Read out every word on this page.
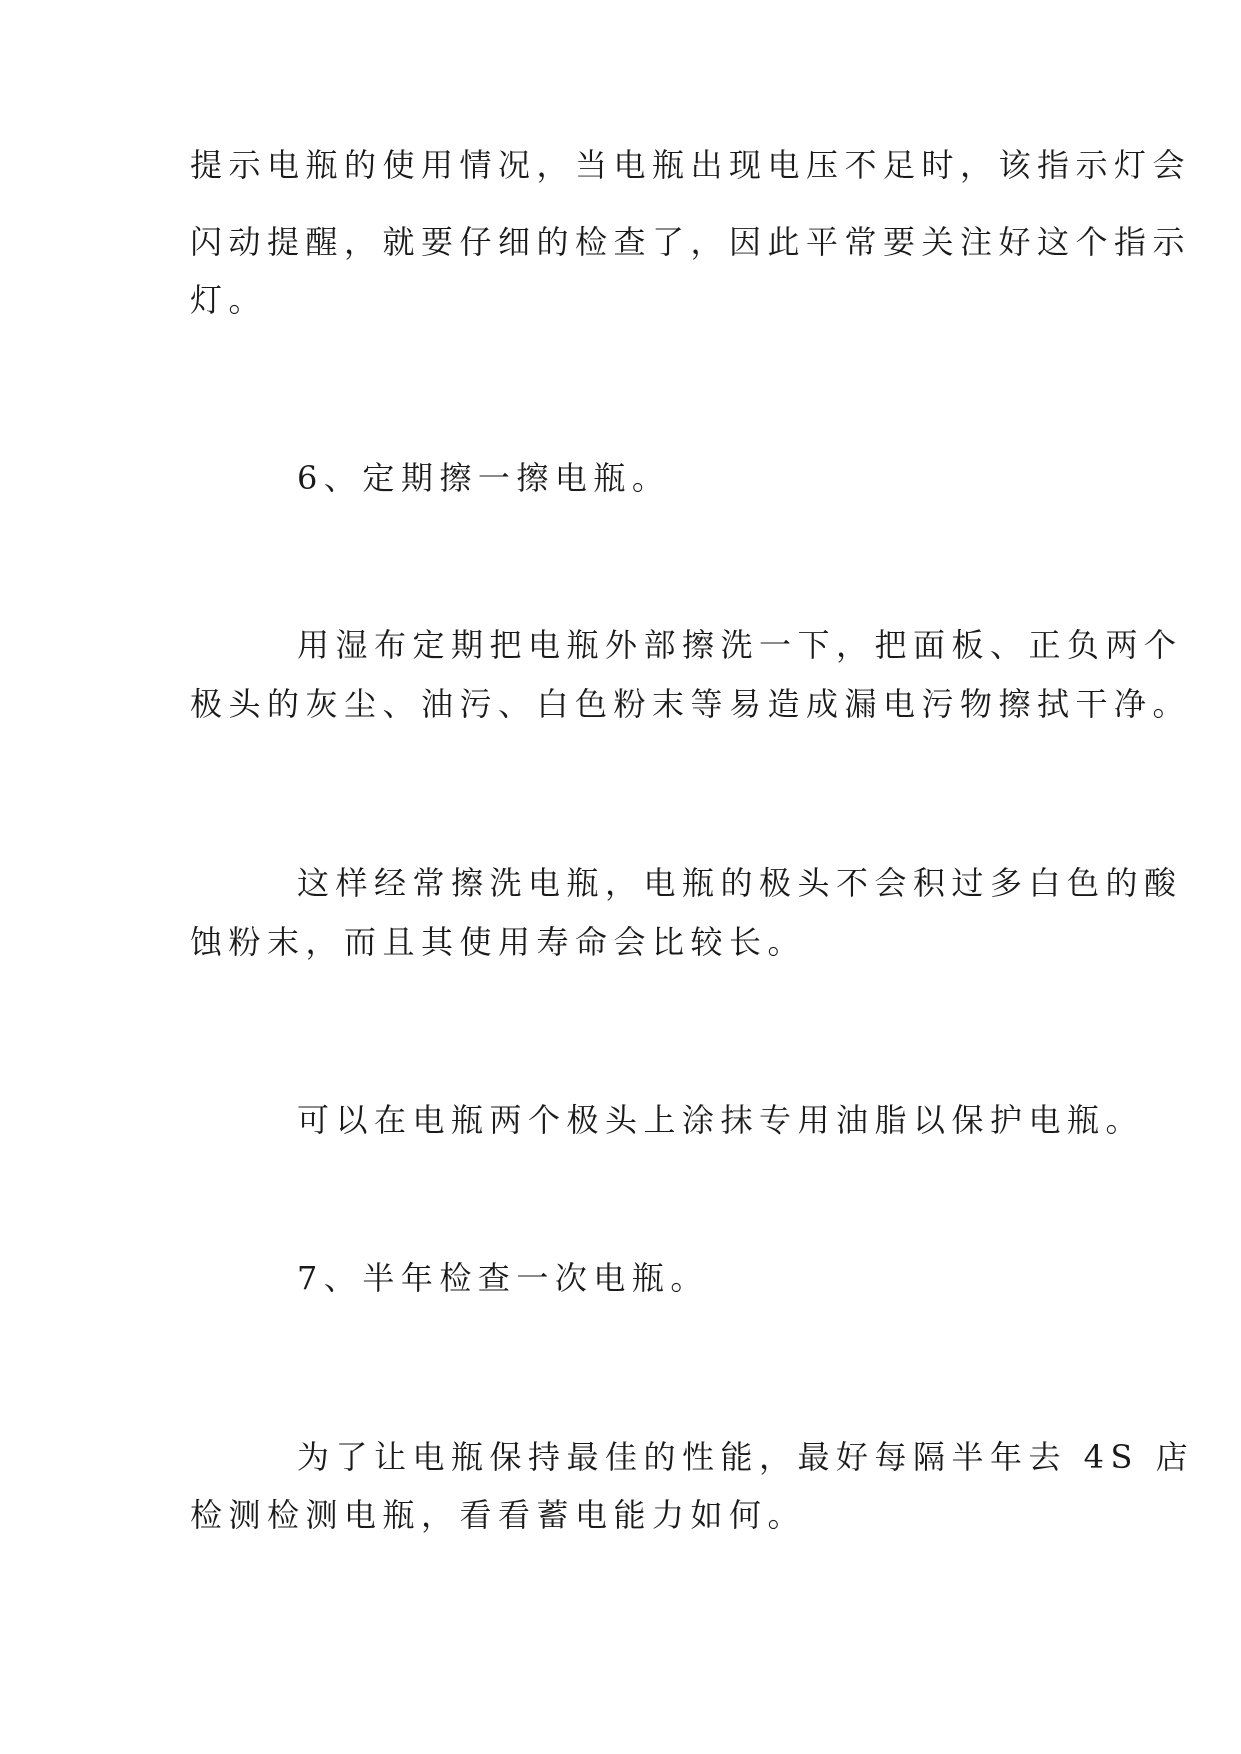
提示电瓶的使用情况，当电瓶出现电压不足时，该指示灯会
闪动提醒，就要仔细的检查了，因此平常要关注好这个指示
灯。
6、定期擦一擦电瓶。
用湿布定期把电瓶外部擦洗一下，把面板、正负两个
极头的灰尘、油污、白色粉末等易造成漏电污物擦拭干净。
这样经常擦洗电瓶，电瓶的极头不会积过多白色的酸
蚀粉末，而且其使用寿命会比较长。
可以在电瓶两个极头上涂抹专用油脂以保护电瓶。
7、半年检查一次电瓶。
为了让电瓶保持最佳的性能，最好每隔半年去 4S 店
检测检测电瓶，看看蓄电能力如何。
